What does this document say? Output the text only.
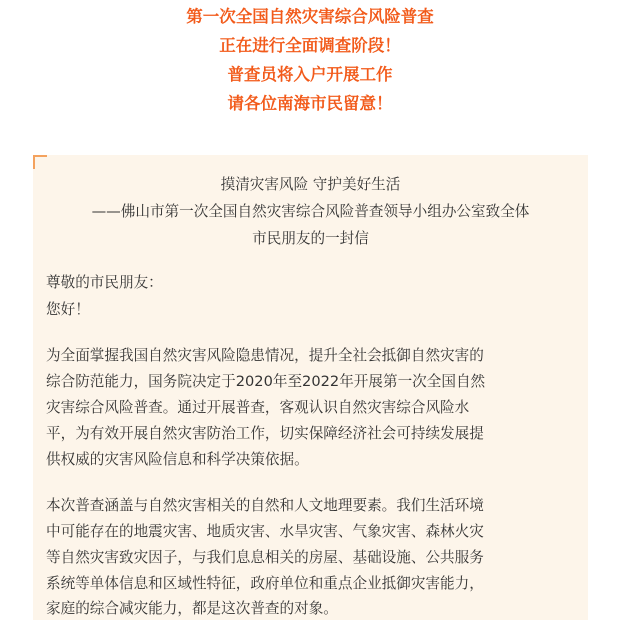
第一次全国自然灾害综合风险普查
正在进行全面调查阶段！
普查员将入户开展工作
请各位南海市民留意！
摸清灾害风险 守护美好生活
——佛山市第一次全国自然灾害综合风险普查领导小组办公室致全体
市民朋友的一封信
尊敬的市民朋友：
您好！
为全面掌握我国自然灾害风险隐患情况，提升全社会抵御自然灾害的
综合防范能力，国务院决定于2020年至2022年开展第一次全国自然
灾害综合风险普查。通过开展普查，客观认识自然灾害综合风险水
平，为有效开展自然灾害防治工作，切实保障经济社会可持续发展提
供权威的灾害风险信息和科学决策依据。
本次普查涵盖与自然灾害相关的自然和人文地理要素。我们生活环境
中可能存在的地震灾害、地质灾害、水旱灾害、气象灾害、森林火灾
等自然灾害致灾因子，与我们息息相关的房屋、基础设施、公共服务
系统等单体信息和区域性特征，政府单位和重点企业抵御灾害能力，
家庭的综合减灾能力，都是这次普查的对象。
